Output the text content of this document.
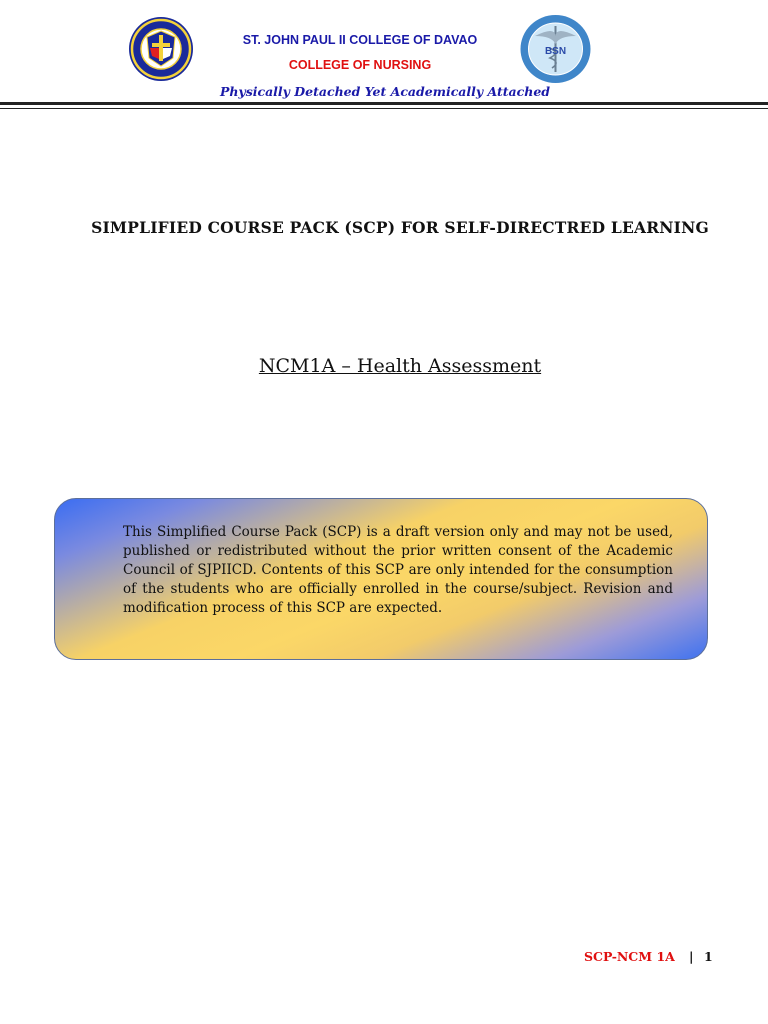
ST. JOHN PAUL II COLLEGE OF DAVAO
COLLEGE OF NURSING
BSN
Physically Detached Yet Academically Attached
SIMPLIFIED COURSE PACK (SCP) FOR SELF-DIRECTRED LEARNING
NCM1A – Health Assessment
This Simplified Course Pack (SCP) is a draft version only and may not be used, published or redistributed without the prior written consent of the Academic Council of SJPIICD. Contents of this SCP are only intended for the consumption of the students who are officially enrolled in the course/subject. Revision and modification process of this SCP are expected.
SCP-NCM 1A | 1
